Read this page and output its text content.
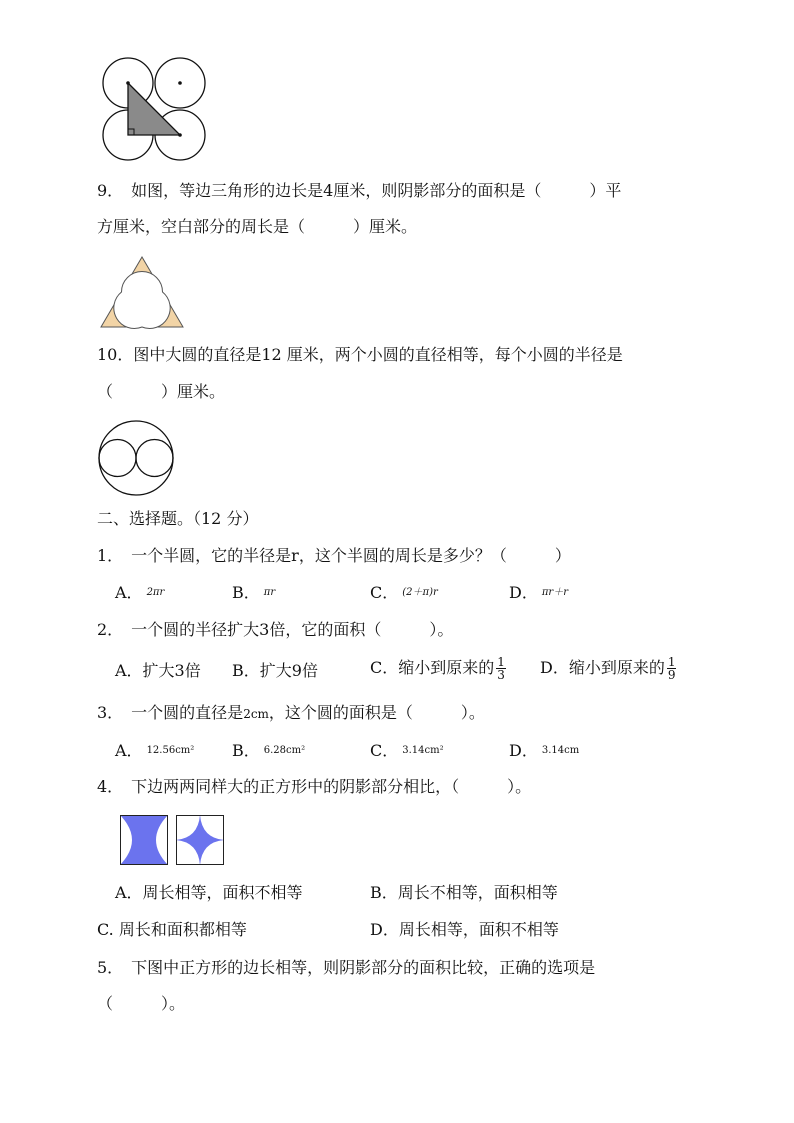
9．　如图，等边三角形的边长是4厘米，则阴影部分的面积是（　　　）平
方厘米，空白部分的周长是（　　　）厘米。
10．图中大圆的直径是12 厘米，两个小圆的直径相等，每个小圆的半径是
（　　　）厘米。
二、选择题。（12 分）
1．　一个半圆，它的半径是r，这个半圆的周长是多少？（　　　）
A． 2πr	B． πr	C． (2＋π)r	D． πr＋r
2．　一个圆的半径扩大3倍，它的面积（　　　）。
A．扩大3倍 B．扩大9倍	C．缩小到原来的 $\frac{1}{3}$ D．缩小到原来的 $\frac{1}{9}$
3．　一个圆的直径是2cm，这个圆的面积是（　　　）。
A． 12.56cm² B． 6.28cm²	C． 3.14cm²	D． 3.14cm
4．　下边两两同样大的正方形中的阴影部分相比，（　　　）。
A．周长相等，面积不相等	B．周长不相等，面积相等
C. 周长和面积都相等	D．周长相等，面积不相等
5．　下图中正方形的边长相等，则阴影部分的面积比较，正确的选项是
（　　　）。
